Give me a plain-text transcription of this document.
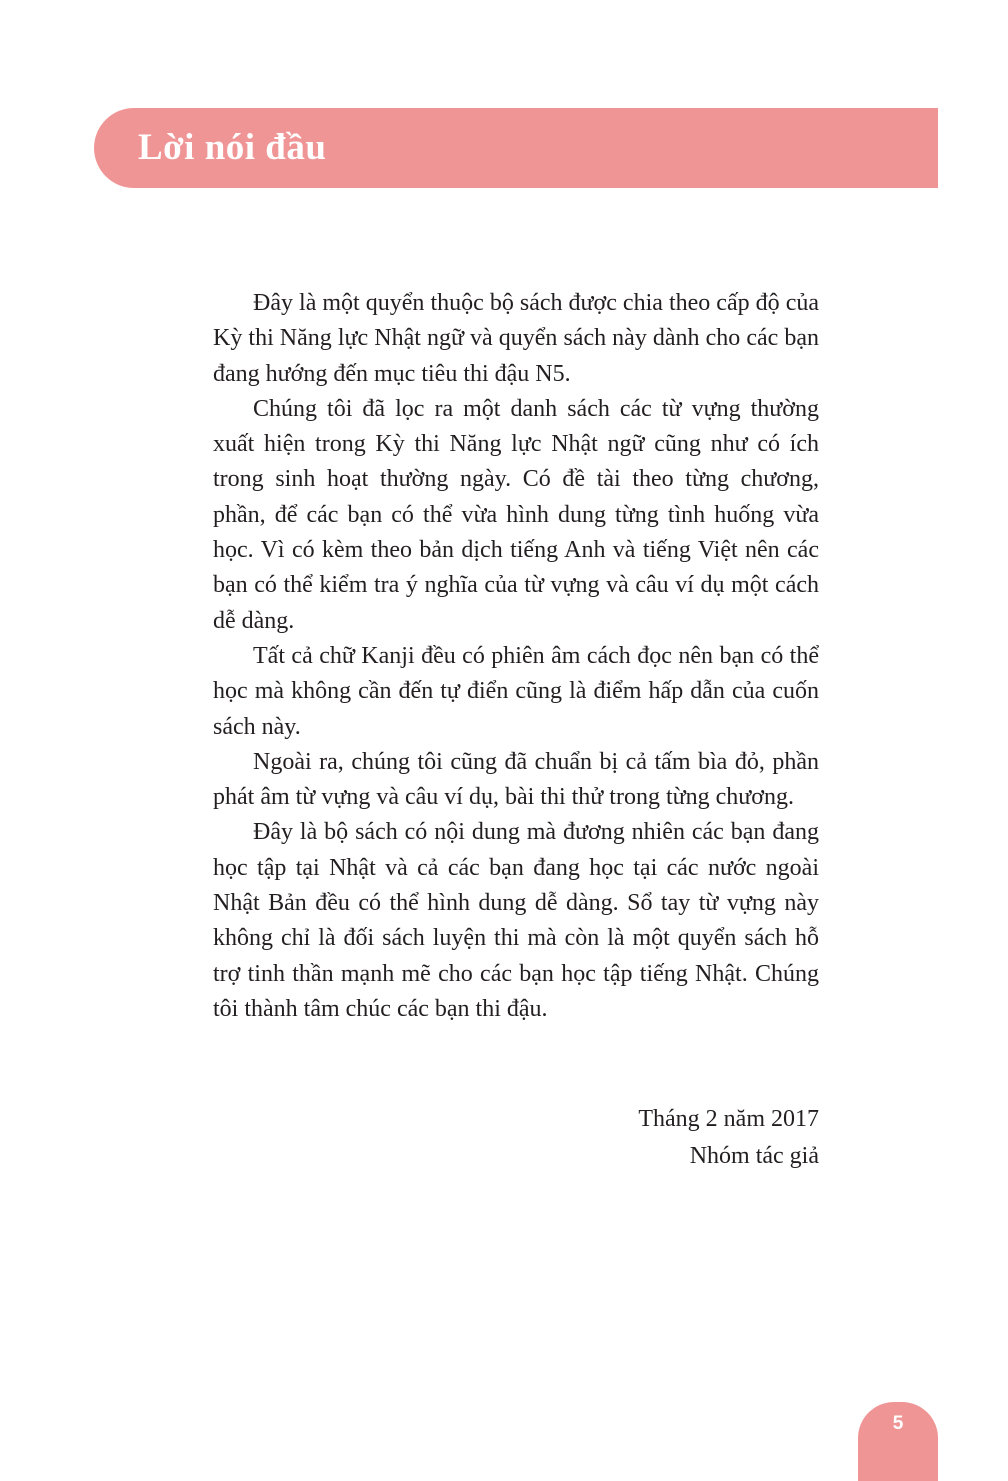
Lời nói đầu

Đây là một quyển thuộc bộ sách được chia theo cấp độ của Kỳ thi Năng lực Nhật ngữ và quyển sách này dành cho các bạn đang hướng đến mục tiêu thi đậu N5.

Chúng tôi đã lọc ra một danh sách các từ vựng thường xuất hiện trong Kỳ thi Năng lực Nhật ngữ cũng như có ích trong sinh hoạt thường ngày. Có đề tài theo từng chương, phần, để các bạn có thể vừa hình dung từng tình huống vừa học. Vì có kèm theo bản dịch tiếng Anh và tiếng Việt nên các bạn có thể kiểm tra ý nghĩa của từ vựng và câu ví dụ một cách dễ dàng.

Tất cả chữ Kanji đều có phiên âm cách đọc nên bạn có thể học mà không cần đến tự điển cũng là điểm hấp dẫn của cuốn sách này.

Ngoài ra, chúng tôi cũng đã chuẩn bị cả tấm bìa đỏ, phần phát âm từ vựng và câu ví dụ, bài thi thử trong từng chương.

Đây là bộ sách có nội dung mà đương nhiên các bạn đang học tập tại Nhật và cả các bạn đang học tại các nước ngoài Nhật Bản đều có thể hình dung dễ dàng. Sổ tay từ vựng này không chỉ là đối sách luyện thi mà còn là một quyển sách hỗ trợ tinh thần mạnh mẽ cho các bạn học tập tiếng Nhật. Chúng tôi thành tâm chúc các bạn thi đậu.

Tháng 2 năm 2017
Nhóm tác giả
5
